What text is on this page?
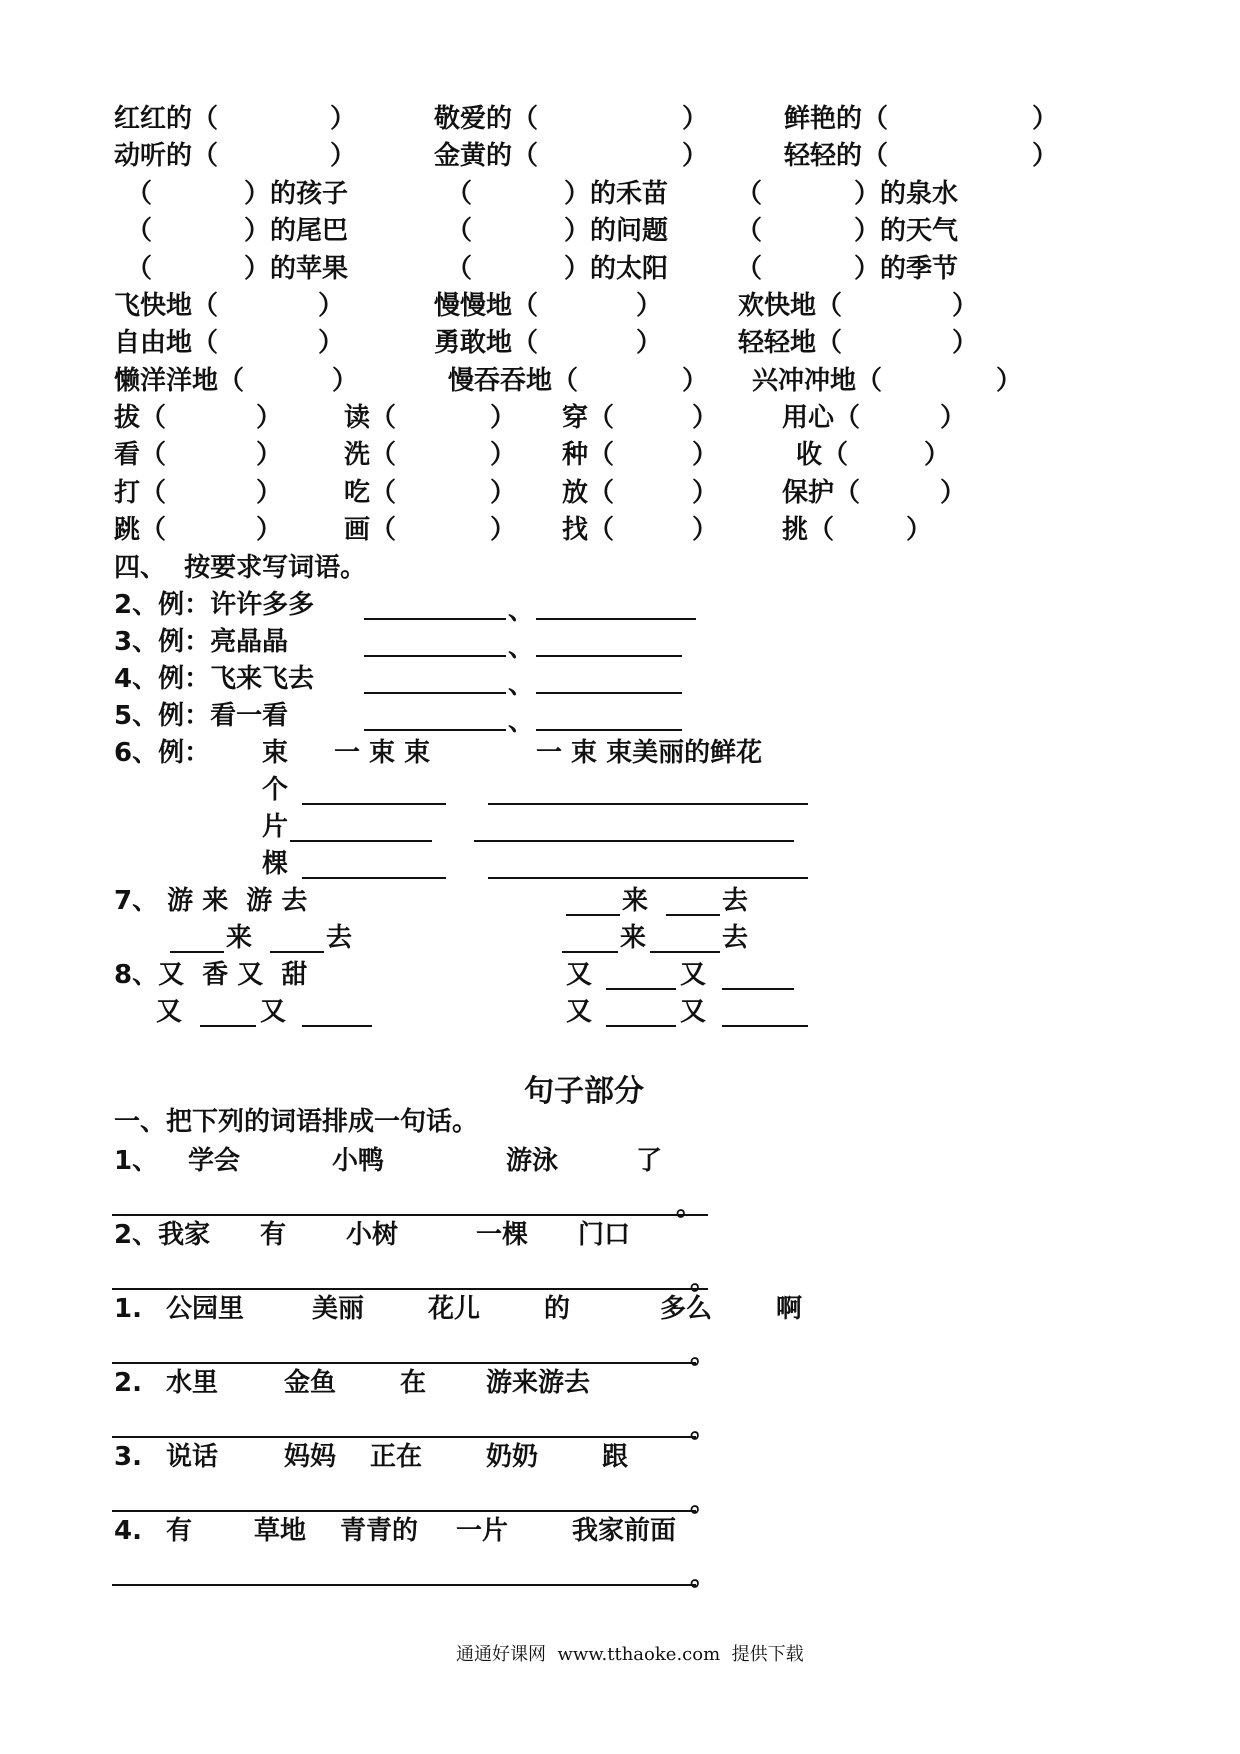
红红的（	）	敬爱的（	）	鲜艳的（	）
动听的（	）	金黄的（	）	轻轻的（	）
（	）的孩子	（	）的禾苗	（	）的泉水
（	）的尾巴	（	）的问题	（	）的天气
（	）的苹果	（	）的太阳	（	）的季节
飞快地（	）	慢慢地（	）	欢快地（	）
自由地（	）	勇敢地（	）	轻轻地（	）
懒洋洋地（	）	慢吞吞地（	） 兴冲冲地（	）
拔（	） 读（	） 穿（	） 用心（	）
看（	） 洗（	） 种（	）	收（	）
打（	） 吃（	） 放（	） 保护（	）
跳（	） 画（	） 找（	） 挑（	）
四、  按要求写词语。
2、例：许许多多	、
3、例：亮晶晶	、
4、例：飞来飞去	、
5、例：看一看	、
6、例： 束 一 束 束	一 束 束美丽的鲜花
个
片
棵
7、 游 来  游 去	来	去
来	去	来	去
8、又  香 又  甜	又	又
又	又	又	又
句子部分
一、把下列的词语排成一句话。
1、 学会	小鸭	游泳	了
。
2、我家 有 小树	一棵 门口
。
1. 公园里	美丽 花儿 的	多么 啊
。
2. 水里	金鱼 在 游来游去
。
3. 说话	妈妈 正在 奶奶 跟
。
4. 有 草地 青青的 一片 我家前面
。
通通好课网  www.tthaoke.com  提供下载
